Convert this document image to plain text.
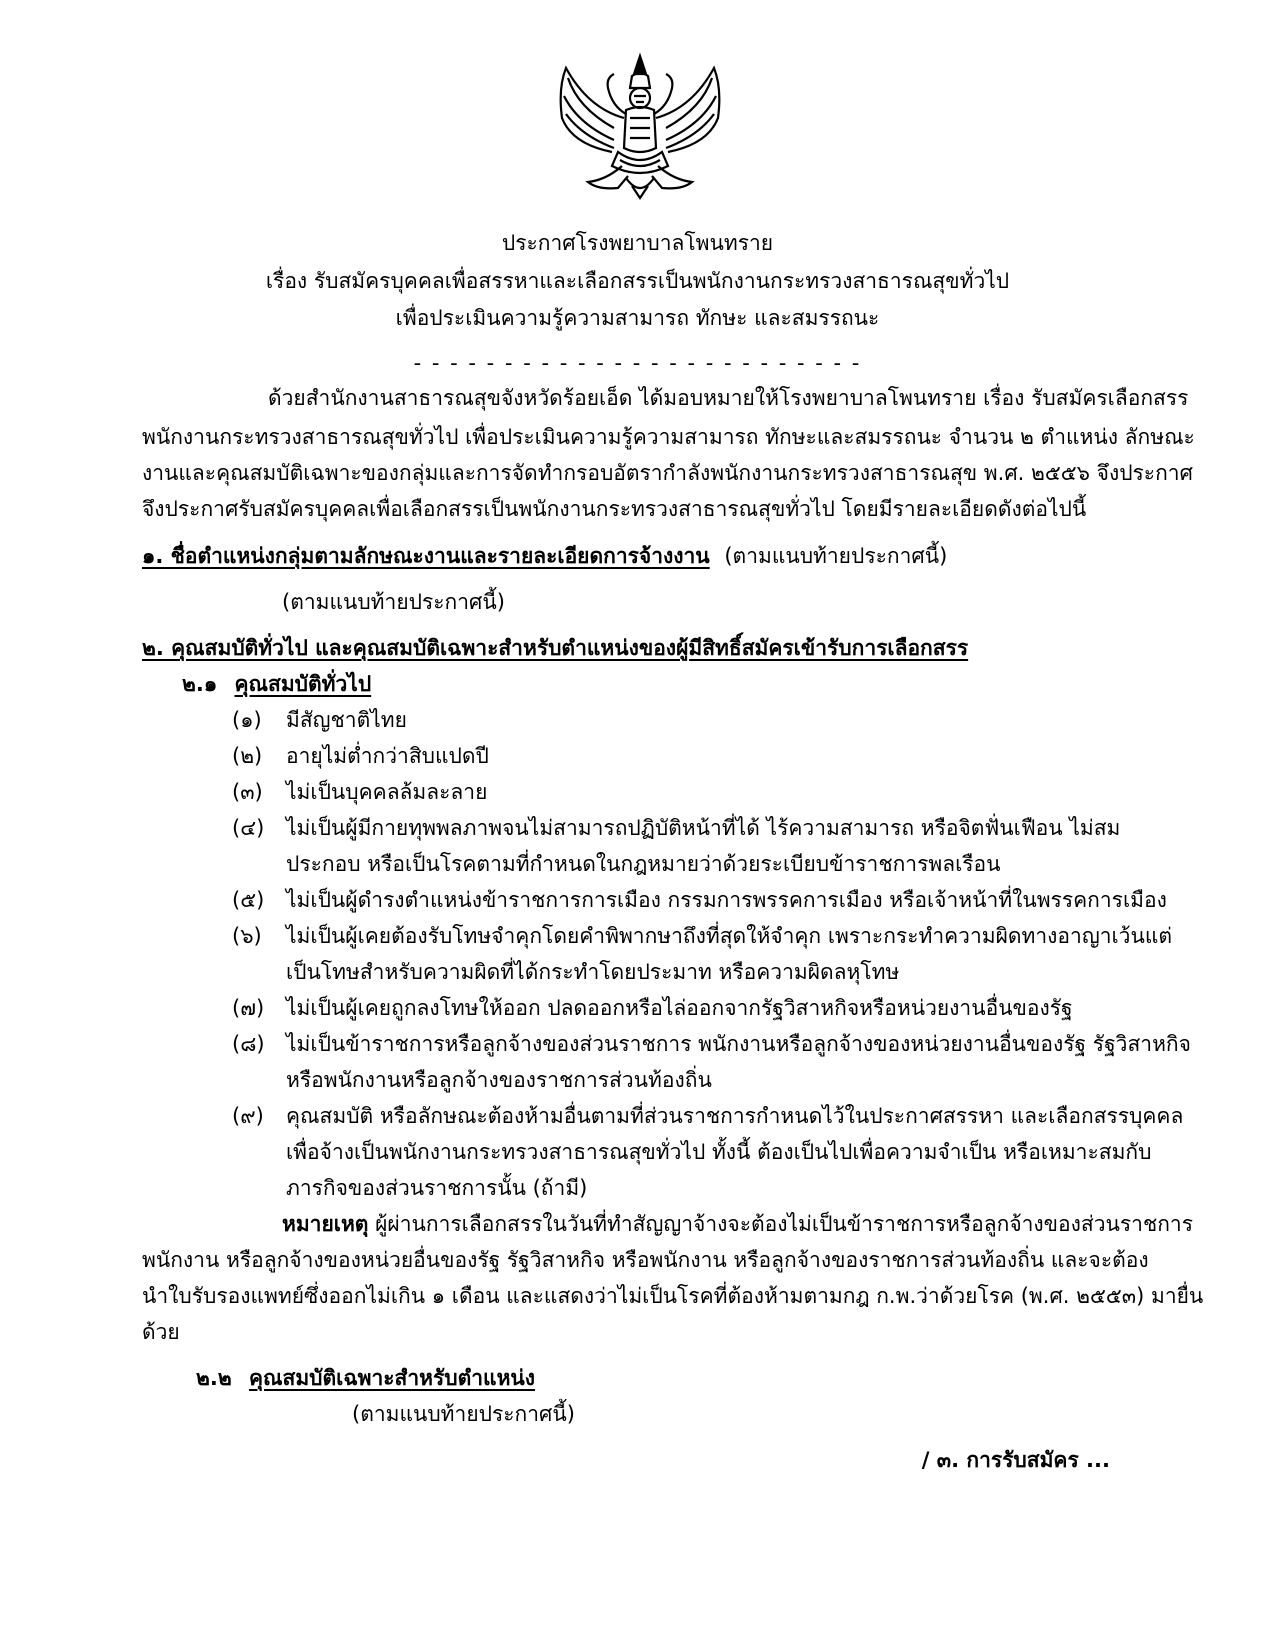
ประกาศโรงพยาบาลโพนทราย
เรื่อง รับสมัครบุคคลเพื่อสรรหาและเลือกสรรเป็นพนักงานกระทรวงสาธารณสุขทั่วไป
เพื่อประเมินความรู้ความสามารถ ทักษะ และสมรรถนะ
- - - - - - - - - - - - - - - - - - - - - - - - -
ด้วยสำนักงานสาธารณสุขจังหวัดร้อยเอ็ด ได้มอบหมายให้โรงพยาบาลโพนทราย เรื่อง รับสมัครเลือกสรร
พนักงานกระทรวงสาธารณสุขทั่วไป เพื่อประเมินความรู้ความสามารถ ทักษะและสมรรถนะ จำนวน ๒ ตำแหน่ง ลักษณะ
งานและคุณสมบัติเฉพาะของกลุ่มและการจัดทำกรอบอัตรากำลังพนักงานกระทรวงสาธารณสุข พ.ศ. ๒๕๕๖ จึงประกาศ
จึงประกาศรับสมัครบุคคลเพื่อเลือกสรรเป็นพนักงานกระทรวงสาธารณสุขทั่วไป โดยมีรายละเอียดดังต่อไปนี้
๑. ชื่อตำแหน่งกลุ่มตามลักษณะงานและรายละเอียดการจ้างงาน (ตามแนบท้ายประกาศนี้)
(ตามแนบท้ายประกาศนี้)
๒. คุณสมบัติทั่วไป และคุณสมบัติเฉพาะสำหรับตำแหน่งของผู้มีสิทธิ์สมัครเข้ารับการเลือกสรร
๒.๑ คุณสมบัติทั่วไป
(๑) มีสัญชาติไทย
(๒) อายุไม่ต่ำกว่าสิบแปดปี
(๓) ไม่เป็นบุคคลล้มละลาย
(๔) ไม่เป็นผู้มีกายทุพพลภาพจนไม่สามารถปฏิบัติหน้าที่ได้ ไร้ความสามารถ หรือจิตฟั่นเฟือน ไม่สม
ประกอบ หรือเป็นโรคตามที่กำหนดในกฎหมายว่าด้วยระเบียบข้าราชการพลเรือน
(๕) ไม่เป็นผู้ดำรงตำแหน่งข้าราชการการเมือง กรรมการพรรคการเมือง หรือเจ้าหน้าที่ในพรรคการเมือง
(๖) ไม่เป็นผู้เคยต้องรับโทษจำคุกโดยคำพิพากษาถึงที่สุดให้จำคุก เพราะกระทำความผิดทางอาญาเว้นแต่
เป็นโทษสำหรับความผิดที่ได้กระทำโดยประมาท หรือความผิดลหุโทษ
(๗) ไม่เป็นผู้เคยถูกลงโทษให้ออก ปลดออกหรือไล่ออกจากรัฐวิสาหกิจหรือหน่วยงานอื่นของรัฐ
(๘) ไม่เป็นข้าราชการหรือลูกจ้างของส่วนราชการ พนักงานหรือลูกจ้างของหน่วยงานอื่นของรัฐ รัฐวิสาหกิจ
หรือพนักงานหรือลูกจ้างของราชการส่วนท้องถิ่น
(๙) คุณสมบัติ หรือลักษณะต้องห้ามอื่นตามที่ส่วนราชการกำหนดไว้ในประกาศสรรหา และเลือกสรรบุคคล
เพื่อจ้างเป็นพนักงานกระทรวงสาธารณสุขทั่วไป ทั้งนี้ ต้องเป็นไปเพื่อความจำเป็น หรือเหมาะสมกับ
ภารกิจของส่วนราชการนั้น (ถ้ามี)
หมายเหตุ ผู้ผ่านการเลือกสรรในวันที่ทำสัญญาจ้างจะต้องไม่เป็นข้าราชการหรือลูกจ้างของส่วนราชการ
พนักงาน หรือลูกจ้างของหน่วยอื่นของรัฐ รัฐวิสาหกิจ หรือพนักงาน หรือลูกจ้างของราชการส่วนท้องถิ่น และจะต้อง
นำใบรับรองแพทย์ซึ่งออกไม่เกิน ๑ เดือน และแสดงว่าไม่เป็นโรคที่ต้องห้ามตามกฎ ก.พ.ว่าด้วยโรค (พ.ศ. ๒๕๕๓) มายื่น
ด้วย
๒.๒ คุณสมบัติเฉพาะสำหรับตำแหน่ง
(ตามแนบท้ายประกาศนี้)
/ ๓. การรับสมัคร ...
